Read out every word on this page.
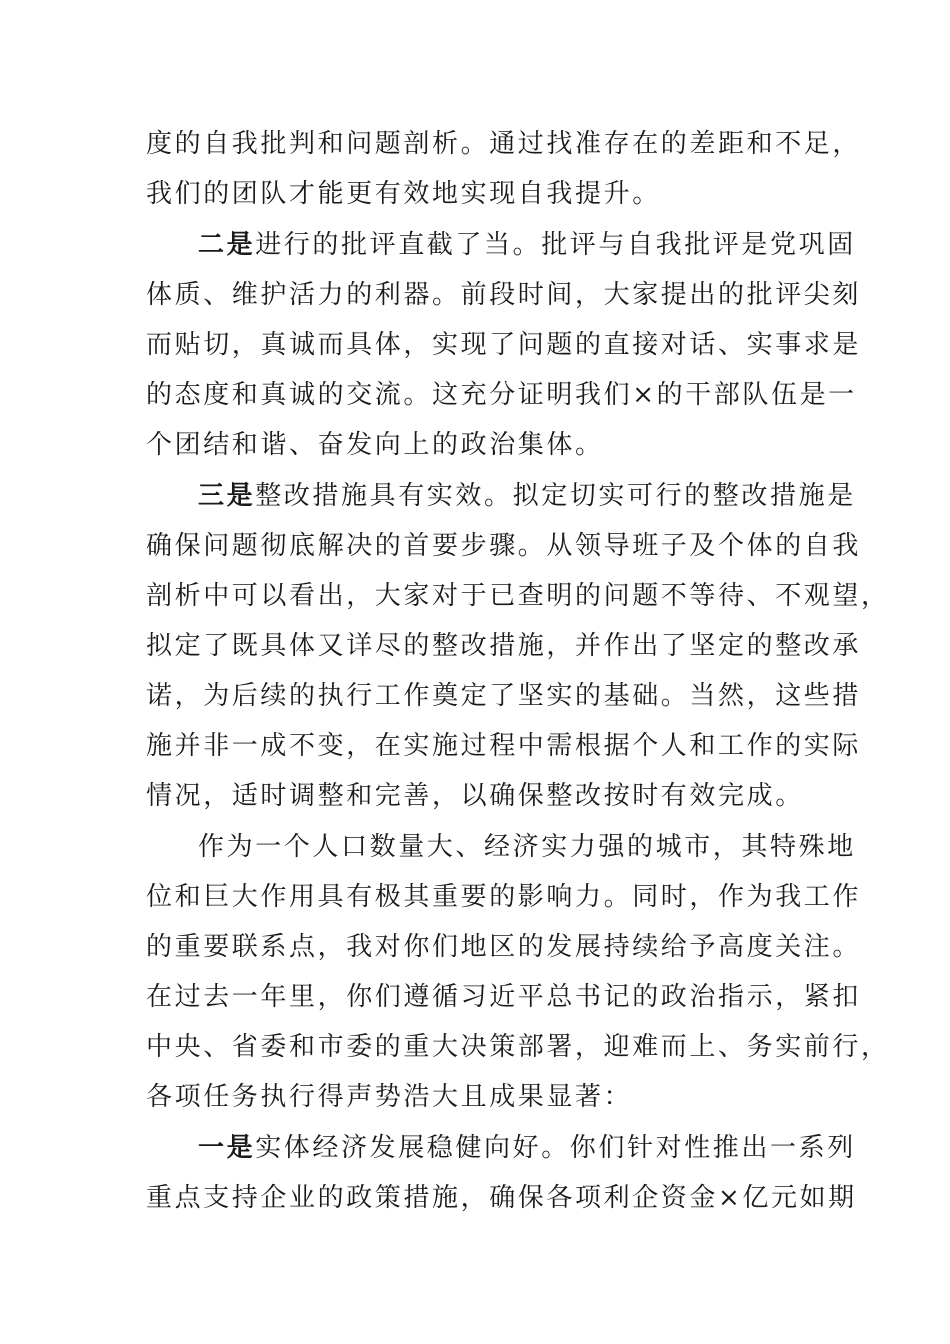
度的自我批判和问题剖析。通过找准存在的差距和不足，
我们的团队才能更有效地实现自我提升。
二是进行的批评直截了当。批评与自我批评是党巩固
体质、维护活力的利器。前段时间，大家提出的批评尖刻
而贴切，真诚而具体，实现了问题的直接对话、实事求是
的态度和真诚的交流。这充分证明我们×的干部队伍是一
个团结和谐、奋发向上的政治集体。
三是整改措施具有实效。拟定切实可行的整改措施是
确保问题彻底解决的首要步骤。从领导班子及个体的自我
剖析中可以看出，大家对于已查明的问题不等待、不观望，
拟定了既具体又详尽的整改措施，并作出了坚定的整改承
诺，为后续的执行工作奠定了坚实的基础。当然，这些措
施并非一成不变，在实施过程中需根据个人和工作的实际
情况，适时调整和完善，以确保整改按时有效完成。
作为一个人口数量大、经济实力强的城市，其特殊地
位和巨大作用具有极其重要的影响力。同时，作为我工作
的重要联系点，我对你们地区的发展持续给予高度关注。
在过去一年里，你们遵循习近平总书记的政治指示，紧扣
中央、省委和市委的重大决策部署，迎难而上、务实前行，
各项任务执行得声势浩大且成果显著：
一是实体经济发展稳健向好。你们针对性推出一系列
重点支持企业的政策措施，确保各项利企资金×亿元如期
